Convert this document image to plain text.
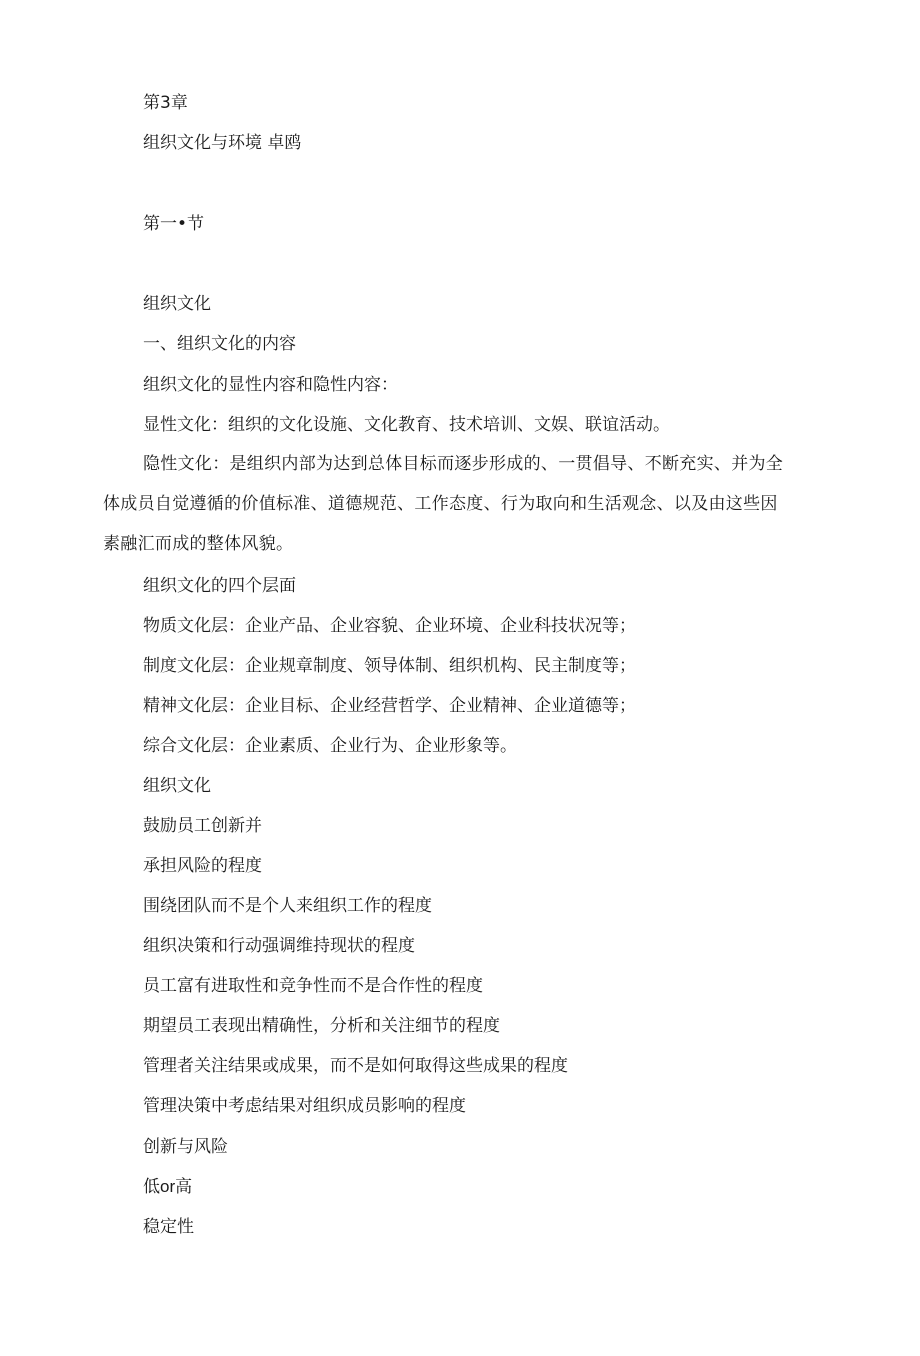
第3章
组织文化与环境 卓鸥
第一•节
组织文化
一、组织文化的内容
组织文化的显性内容和隐性内容：
显性文化：组织的文化设施、文化教育、技术培训、文娱、联谊活动。
隐性文化：是组织内部为达到总体目标而逐步形成的、一贯倡导、不断充实、并为全体成员自觉遵循的价值标准、道德规范、工作态度、行为取向和生活观念、以及由这些因素融汇而成的整体风貌。
组织文化的四个层面
物质文化层：企业产品、企业容貌、企业环境、企业科技状况等；
制度文化层：企业规章制度、领导体制、组织机构、民主制度等；
精神文化层：企业目标、企业经营哲学、企业精神、企业道德等；
综合文化层：企业素质、企业行为、企业形象等。
组织文化
鼓励员工创新并
承担风险的程度
围绕团队而不是个人来组织工作的程度
组织决策和行动强调维持现状的程度
员工富有进取性和竞争性而不是合作性的程度
期望员工表现出精确性，分析和关注细节的程度
管理者关注结果或成果，而不是如何取得这些成果的程度
管理决策中考虑结果对组织成员影响的程度
创新与风险
低or高
稳定性
